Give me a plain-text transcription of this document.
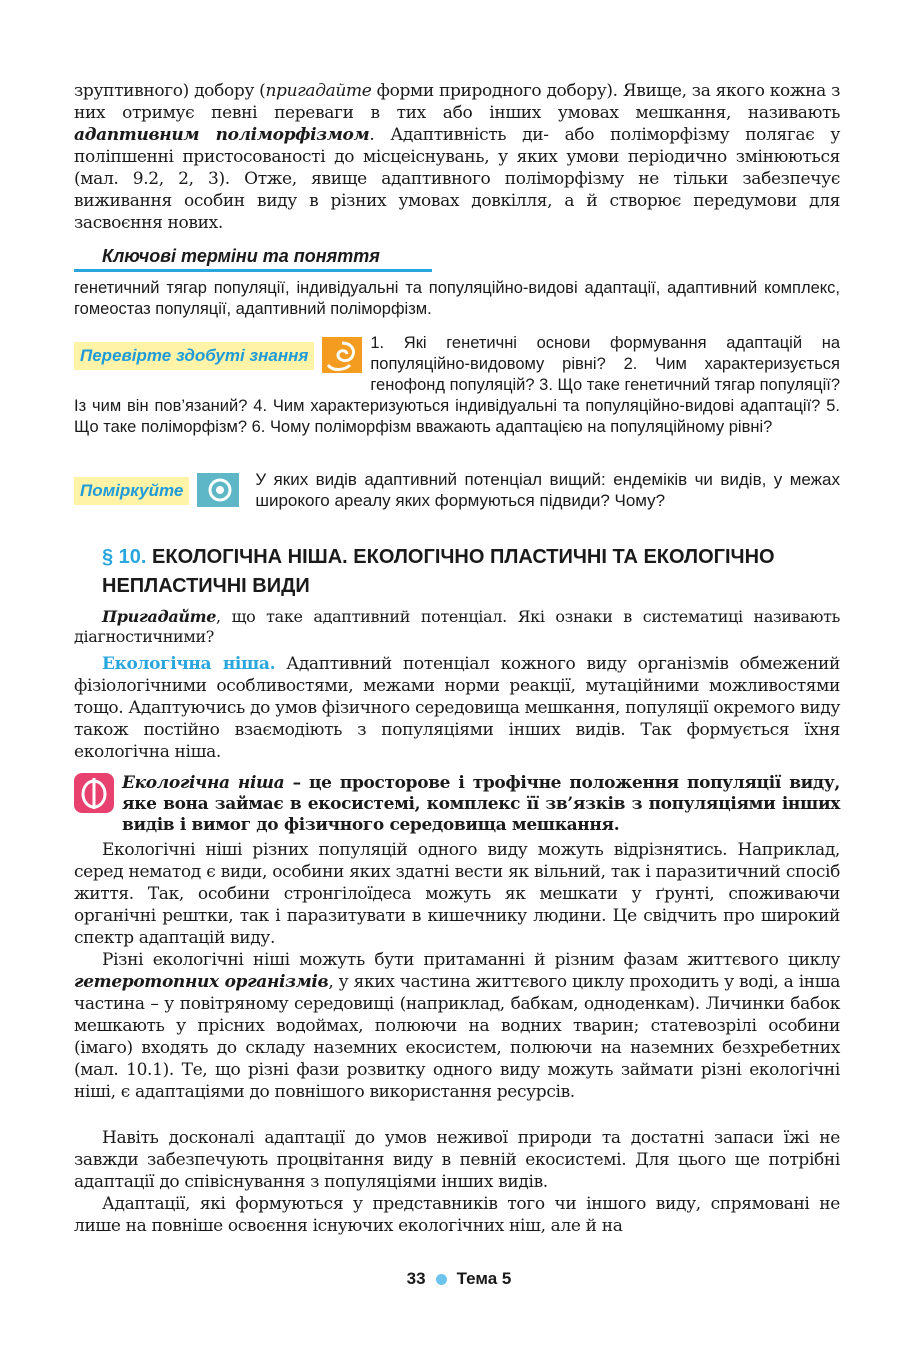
зруптивного) добору (пригадайте форми природного добору). Явище, за якого кожна з них отримує певні переваги в тих або інших умовах мешкання, називають адаптивним поліморфізмом. Адаптивність ди- або поліморфізму полягає у поліпшенні пристосованості до місцеіснувань, у яких умови періодично змінюються (мал. 9.2, 2, 3). Отже, явище адаптивного поліморфізму не тільки забезпечує виживання особин виду в різних умовах довкілля, а й створює передумови для засвоєння нових.

Ключові терміни та поняття

генетичний тягар популяції, індивідуальні та популяційно-видові адаптації, адаптивний комплекс, гомеостаз популяції, адаптивний поліморфізм.

Перевірте здобуті знання

1. Які генетичні основи формування адаптацій на популяційно-видовому рівні? 2. Чим характеризується генофонд популяцій? 3. Що таке генетичний тягар популяції? Із чим він пов’язаний? 4. Чим характеризуються індивідуальні та популяційно-видові адаптації? 5. Що таке поліморфізм? 6. Чому поліморфізм вважають адаптацією на популяційному рівні?

Поміркуйте

У яких видів адаптивний потенціал вищий: ендеміків чи видів, у межах широкого ареалу яких формуються підвиди? Чому?

§ 10. ЕКОЛОГІЧНА НІША. ЕКОЛОГІЧНО ПЛАСТИЧНІ ТА ЕКОЛОГІЧНО НЕПЛАСТИЧНІ ВИДИ

Пригадайте, що таке адаптивний потенціал. Які ознаки в систематиці називають діагностичними?

Екологічна ніша. Адаптивний потенціал кожного виду організмів обмежений фізіологічними особливостями, межами норми реакції, мутаційними можливостями тощо. Адаптуючись до умов фізичного середовища мешкання, популяції окремого виду також постійно взаємодіють з популяціями інших видів. Так формується їхня екологічна ніша.

Екологічна ніша – це просторове і трофічне положення популяції виду, яке вона займає в екосистемі, комплекс її зв’язків з популяціями інших видів і вимог до фізичного середовища мешкання.

Екологічні ніші різних популяцій одного виду можуть відрізнятись. Наприклад, серед нематод є види, особини яких здатні вести як вільний, так і паразитичний спосіб життя. Так, особини стронгілоїдеса можуть як мешкати у ґрунті, споживаючи органічні рештки, так і паразитувати в кишечнику людини. Це свідчить про широкий спектр адаптацій виду.

Різні екологічні ніші можуть бути притаманні й різним фазам життєвого циклу гетеротопних організмів, у яких частина життєвого циклу проходить у воді, а інша частина – у повітряному середовищі (наприклад, бабкам, одноденкам). Личинки бабок мешкають у прісних водоймах, полюючи на водних тварин; статевозрілі особини (імаго) входять до складу наземних екосистем, полюючи на наземних безхребетних (мал. 10.1). Те, що різні фази розвитку одного виду можуть займати різні екологічні ніші, є адаптаціями до повнішого використання ресурсів.

Навіть досконалі адаптації до умов неживої природи та достатні запаси їжі не завжди забезпечують процвітання виду в певній екосистемі. Для цього ще потрібні адаптації до співіснування з популяціями інших видів.

Адаптації, які формуються у представників того чи іншого виду, спрямовані не лише на повніше освоєння існуючих екологічних ніш, але й на

33 Тема 5
